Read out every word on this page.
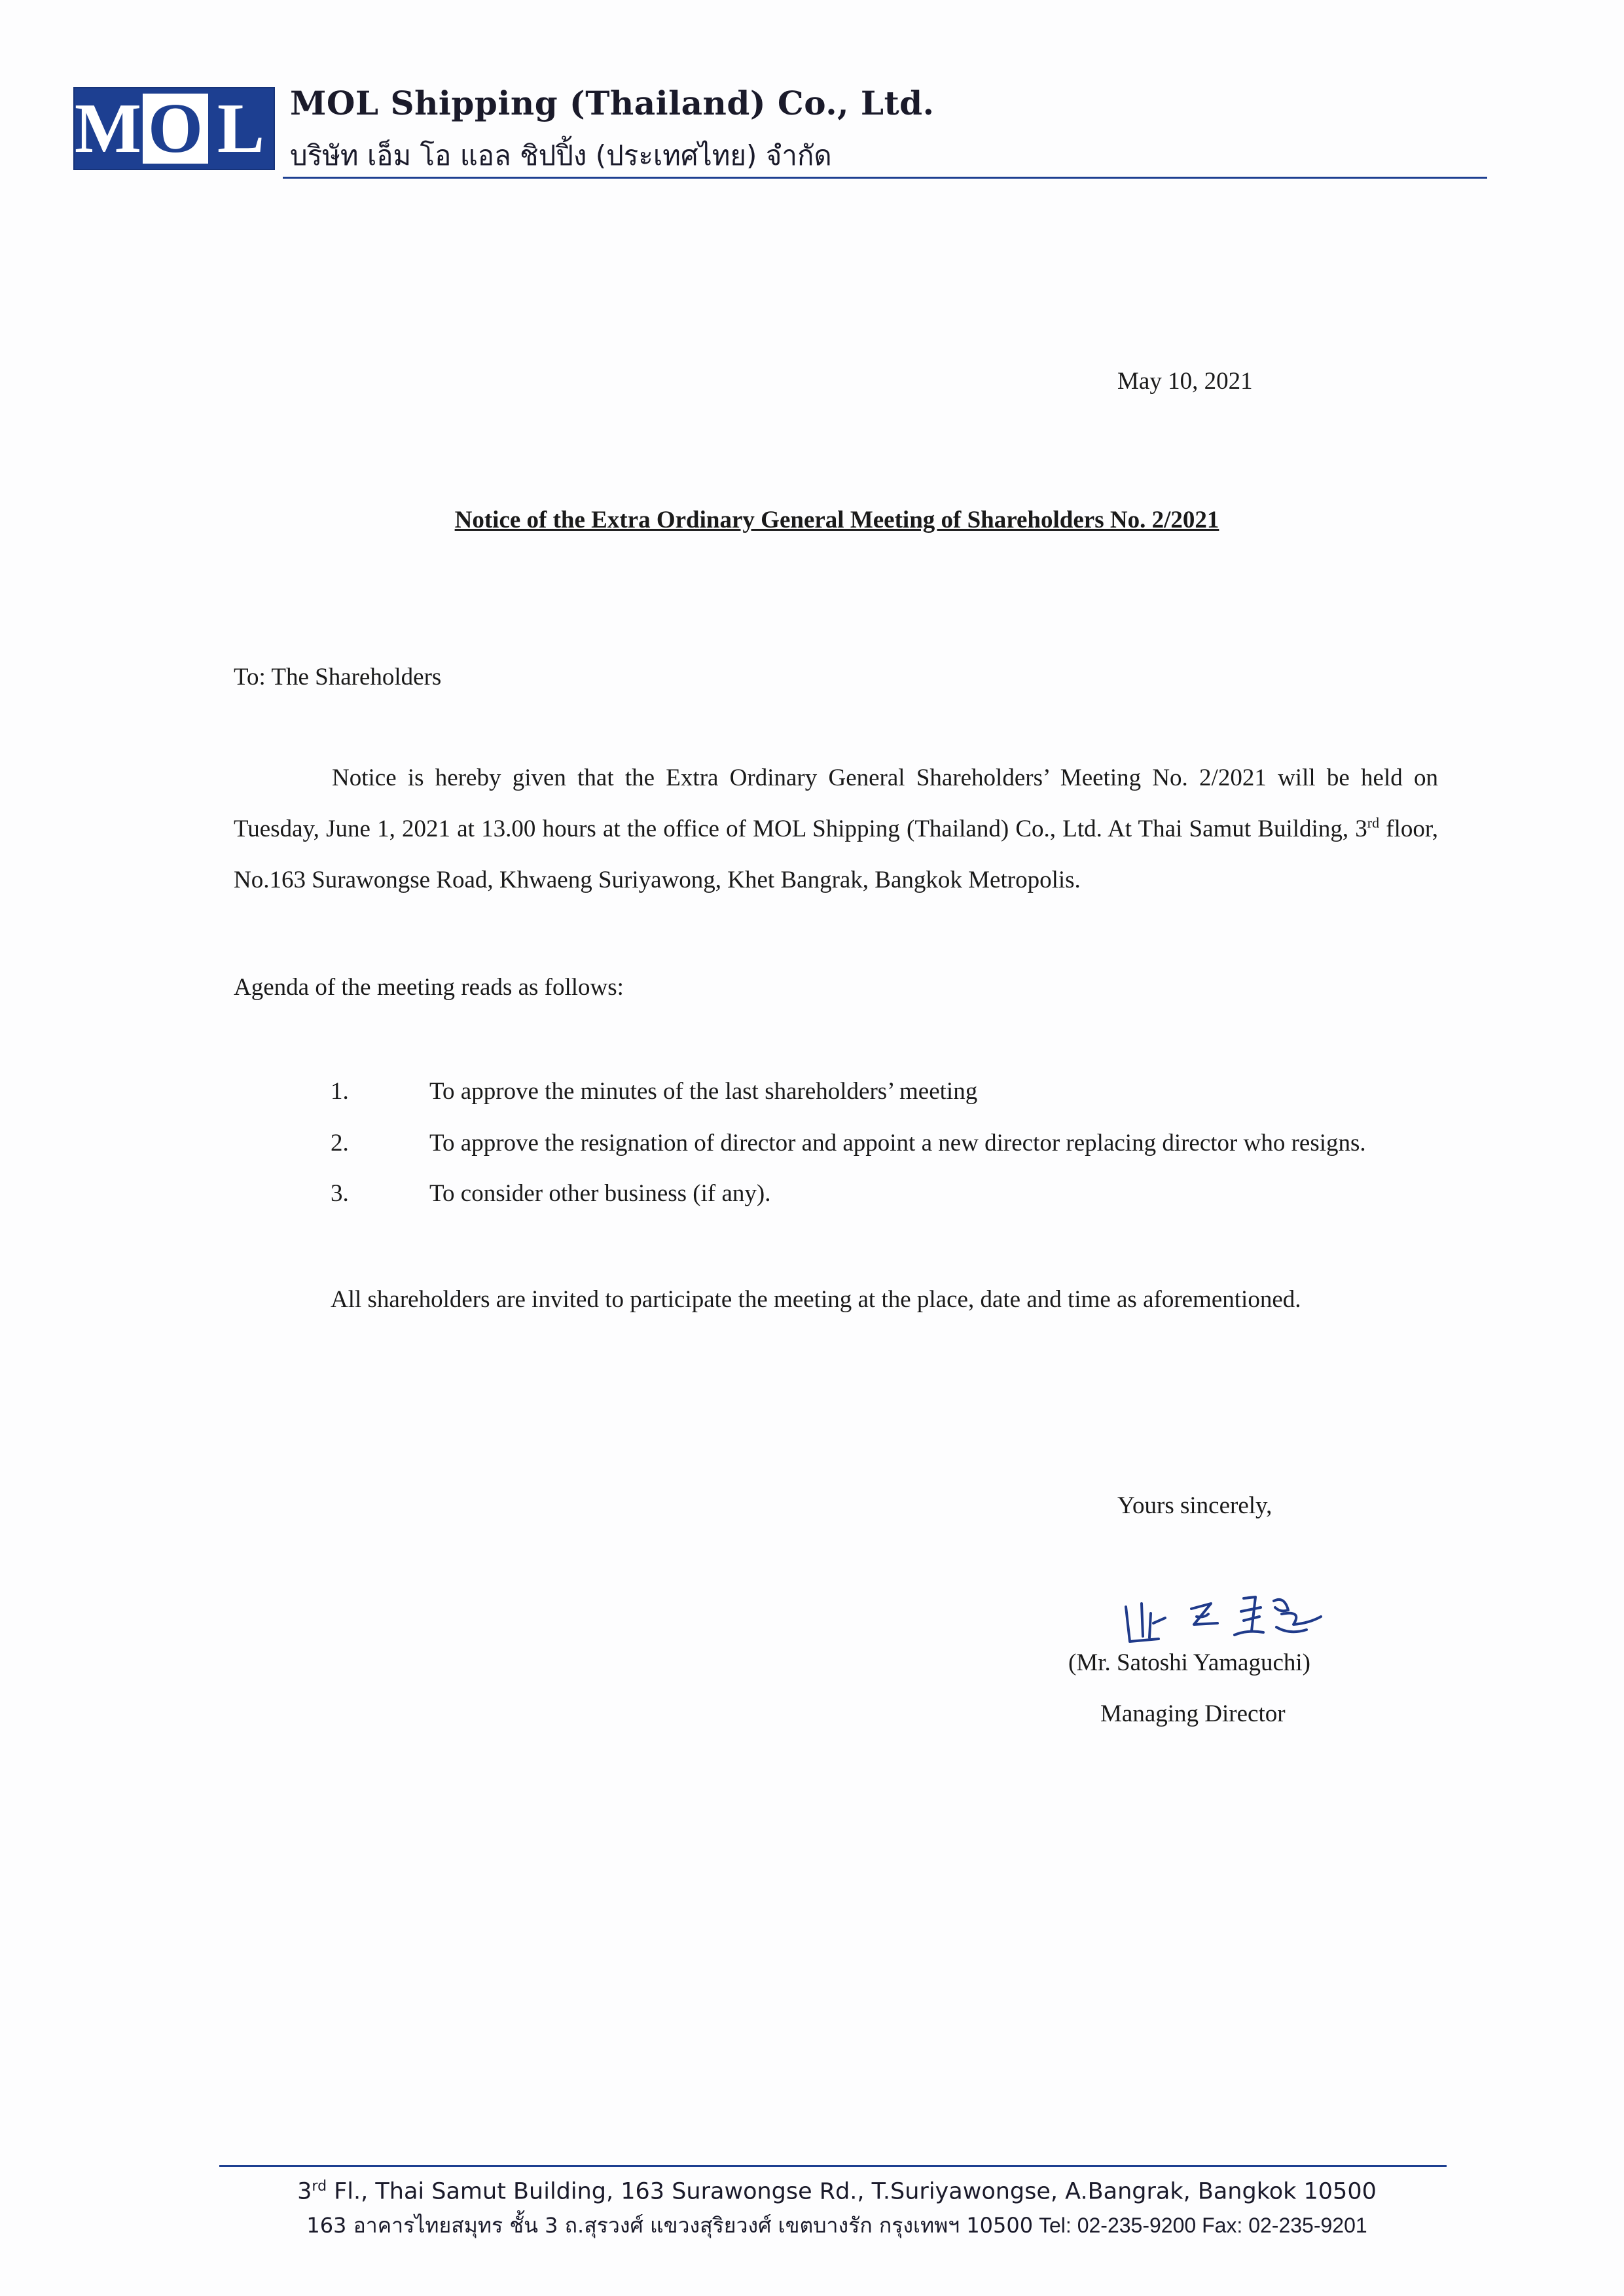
M O L MOL Shipping (Thailand) Co., Ltd.
บริษัท เอ็ม โอ แอล ชิปปิ้ง (ประเทศไทย) จำกัด
May 10, 2021
Notice of the Extra Ordinary General Meeting of Shareholders No. 2/2021
To: The Shareholders
Notice is hereby given that the Extra Ordinary General Shareholders’ Meeting No. 2/2021 will be held on Tuesday, June 1, 2021 at 13.00 hours at the office of MOL Shipping (Thailand) Co., Ltd. At Thai Samut Building, 3rd floor, No.163 Surawongse Road, Khwaeng Suriyawong, Khet Bangrak, Bangkok Metropolis.
Agenda of the meeting reads as follows:
1.	To approve the minutes of the last shareholders’ meeting
2.	To approve the resignation of director and appoint a new director replacing director who resigns.
3.	To consider other business (if any).
All shareholders are invited to participate the meeting at the place, date and time as aforementioned.
Yours sincerely,
(Mr. Satoshi Yamaguchi)
Managing Director
3rd Fl., Thai Samut Building, 163 Surawongse Rd., T.Suriyawongse, A.Bangrak, Bangkok 10500
163 อาคารไทยสมุทร ชั้น 3 ถ.สุรวงศ์ แขวงสุริยวงศ์ เขตบางรัก กรุงเทพฯ 10500 Tel: 02-235-9200 Fax: 02-235-9201
